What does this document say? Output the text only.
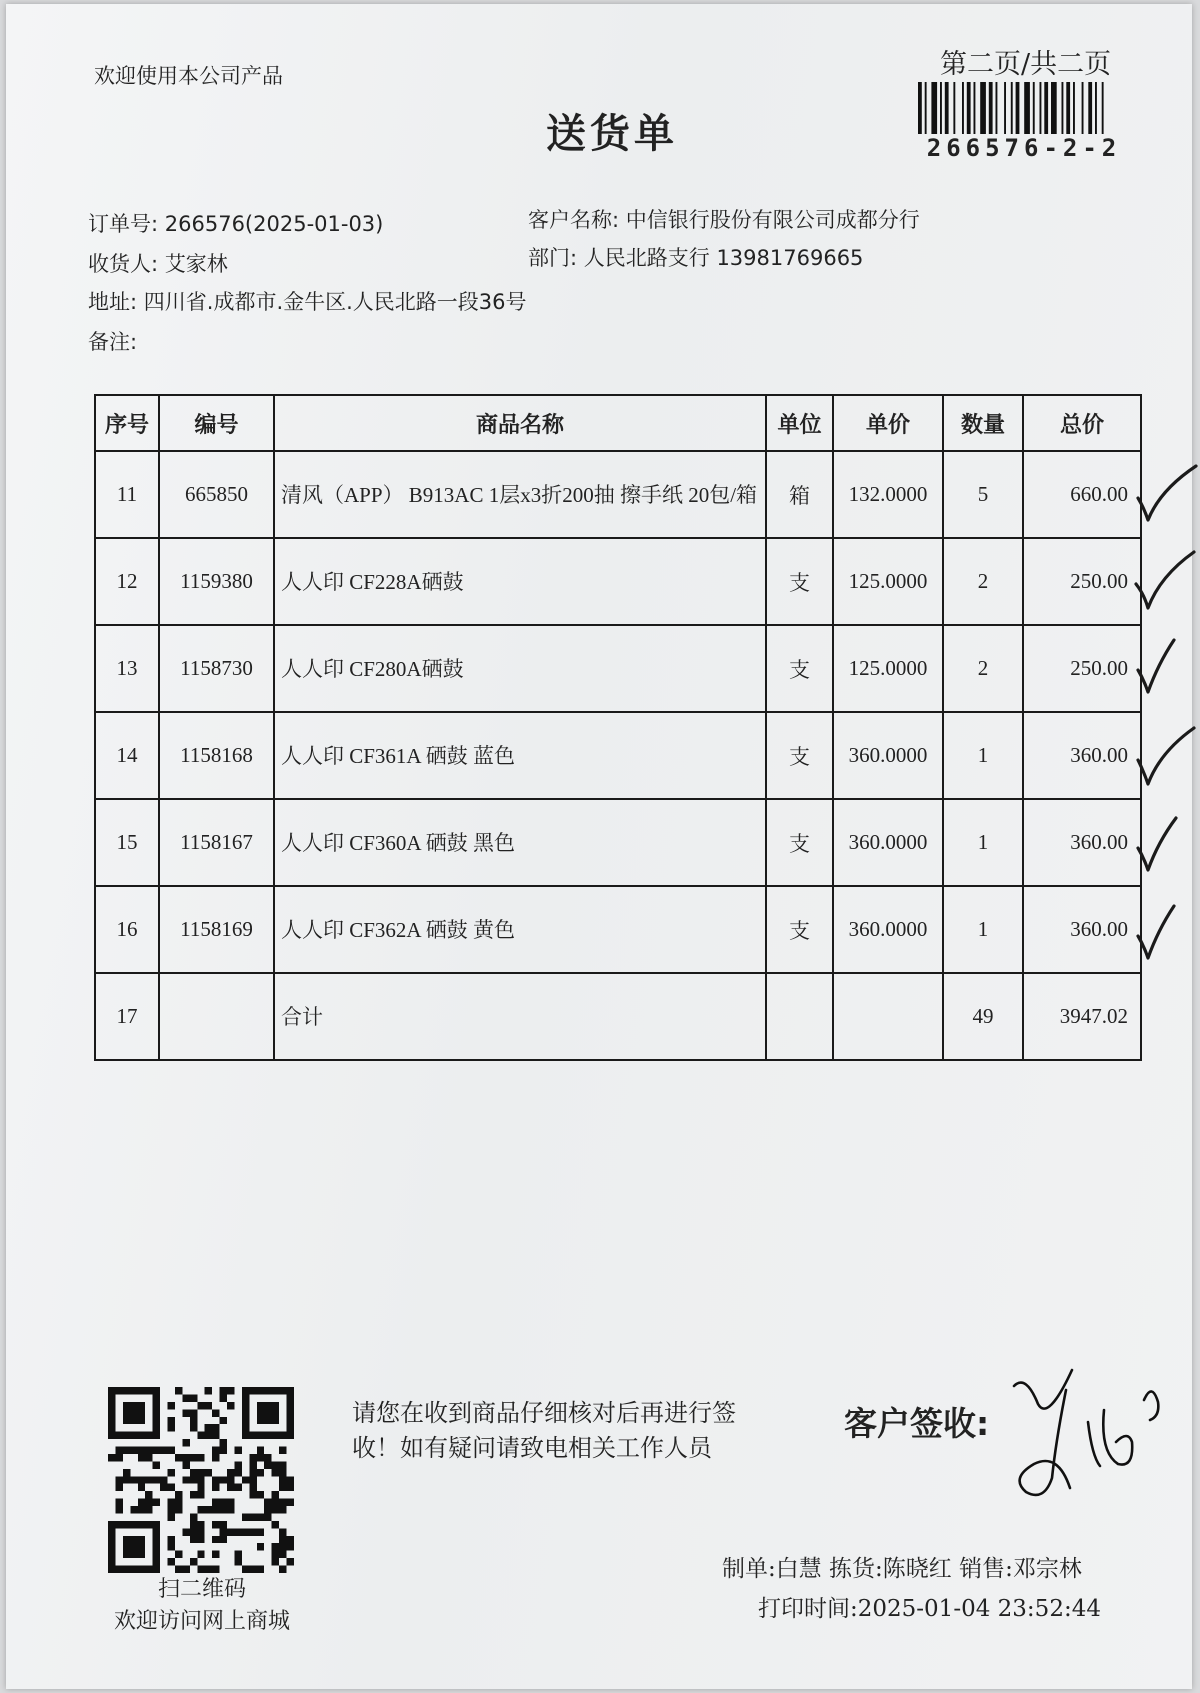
欢迎使用本公司产品	第二页/共二页
266576-2-2
送货单
订单号: 266576(2025-01-03)	客户名称: 中信银行股份有限公司成都分行
收货人: 艾家林	部门: 人民北路支行 13981769665
地址: 四川省.成都市.金牛区.人民北路一段36号
备注:
序号	编号	商品名称	单位	单价	数量	总价
11	665850	清风（APP） B913AC 1层x3折200抽 擦手纸 20包/箱	箱	132.0000	5	660.00
12	1159380	人人印 CF228A硒鼓	支	125.0000	2	250.00
13	1158730	人人印 CF280A硒鼓	支	125.0000	2	250.00
14	1158168	人人印 CF361A 硒鼓 蓝色	支	360.0000	1	360.00
15	1158167	人人印 CF360A 硒鼓 黑色	支	360.0000	1	360.00
16	1158169	人人印 CF362A 硒鼓 黄色	支	360.0000	1	360.00
17		合计			49	3947.02
扫二维码
欢迎访问网上商城
请您在收到商品仔细核对后再进行签收！如有疑问请致电相关工作人员
客户签收:
制单:白慧 拣货:陈晓红 销售:邓宗林
打印时间:2025-01-04 23:52:44
